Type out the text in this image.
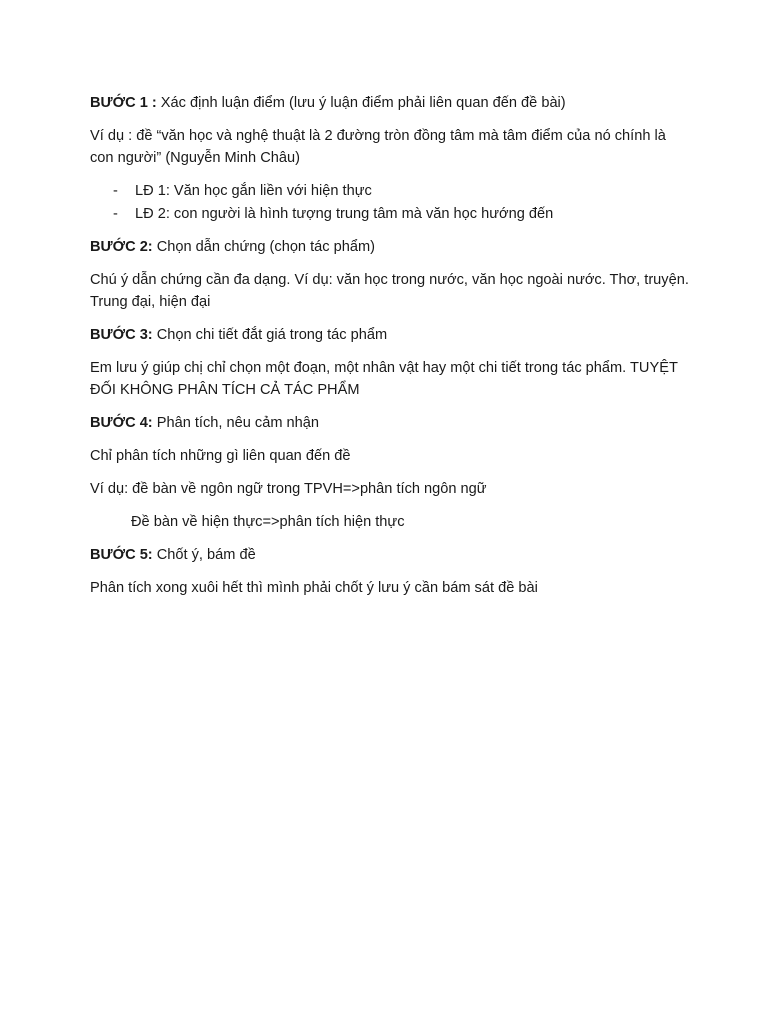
BƯỚC 1 : Xác định luận điểm (lưu ý luận điểm phải liên quan đến đề bài)

Ví dụ : đề “văn học và nghệ thuật là 2 đường tròn đồng tâm mà tâm điểm của nó chính là con người” (Nguyễn Minh Châu)

- LĐ 1: Văn học gắn liền với hiện thực
- LĐ 2: con người là hình tượng trung tâm mà văn học hướng đến

BƯỚC 2: Chọn dẫn chứng (chọn tác phẩm)

Chú ý dẫn chứng cần đa dạng. Ví dụ: văn học trong nước, văn học ngoài nước. Thơ, truyện. Trung đại, hiện đại

BƯỚC 3: Chọn chi tiết đắt giá trong tác phẩm

Em lưu ý giúp chị chỉ chọn một đoạn, một nhân vật hay một chi tiết trong tác phẩm. TUYỆT ĐỐI KHÔNG PHÂN TÍCH CẢ TÁC PHẨM

BƯỚC 4: Phân tích, nêu cảm nhận

Chỉ phân tích những gì liên quan đến đề

Ví dụ: đề bàn về ngôn ngữ trong TPVH=>phân tích ngôn ngữ

Đề bàn về hiện thực=>phân tích hiện thực

BƯỚC 5: Chốt ý, bám đề

Phân tích xong xuôi hết thì mình phải chốt ý lưu ý cần bám sát đề bài
